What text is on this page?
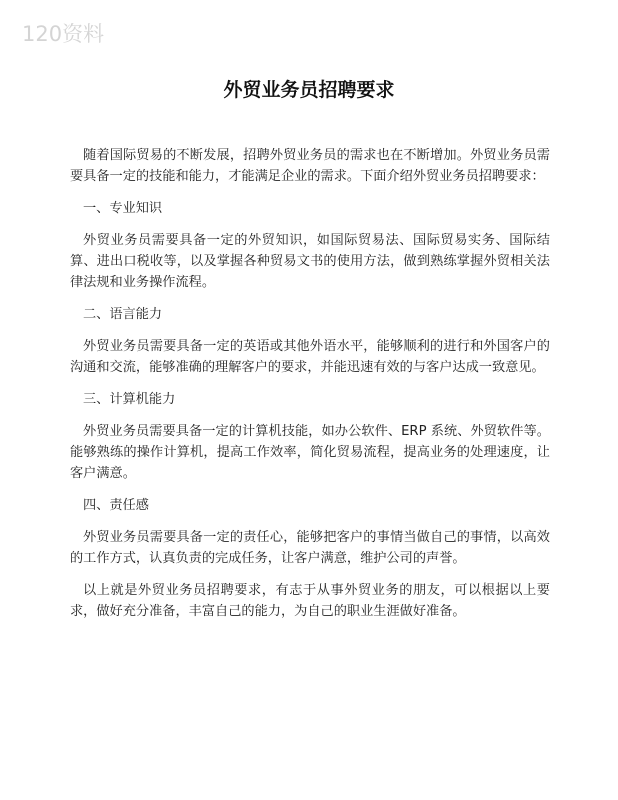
120资料
外贸业务员招聘要求

随着国际贸易的不断发展，招聘外贸业务员的需求也在不断增加。外贸业务员需要具备一定的技能和能力，才能满足企业的需求。下面介绍外贸业务员招聘要求：

一、专业知识

外贸业务员需要具备一定的外贸知识，如国际贸易法、国际贸易实务、国际结算、进出口税收等，以及掌握各种贸易文书的使用方法，做到熟练掌握外贸相关法律法规和业务操作流程。

二、语言能力

外贸业务员需要具备一定的英语或其他外语水平，能够顺利的进行和外国客户的沟通和交流，能够准确的理解客户的要求，并能迅速有效的与客户达成一致意见。

三、计算机能力

外贸业务员需要具备一定的计算机技能，如办公软件、ERP 系统、外贸软件等。能够熟练的操作计算机，提高工作效率，简化贸易流程，提高业务的处理速度，让客户满意。

四、责任感

外贸业务员需要具备一定的责任心，能够把客户的事情当做自己的事情，以高效的工作方式，认真负责的完成任务，让客户满意，维护公司的声誉。

以上就是外贸业务员招聘要求，有志于从事外贸业务的朋友，可以根据以上要求，做好充分准备，丰富自己的能力，为自己的职业生涯做好准备。
